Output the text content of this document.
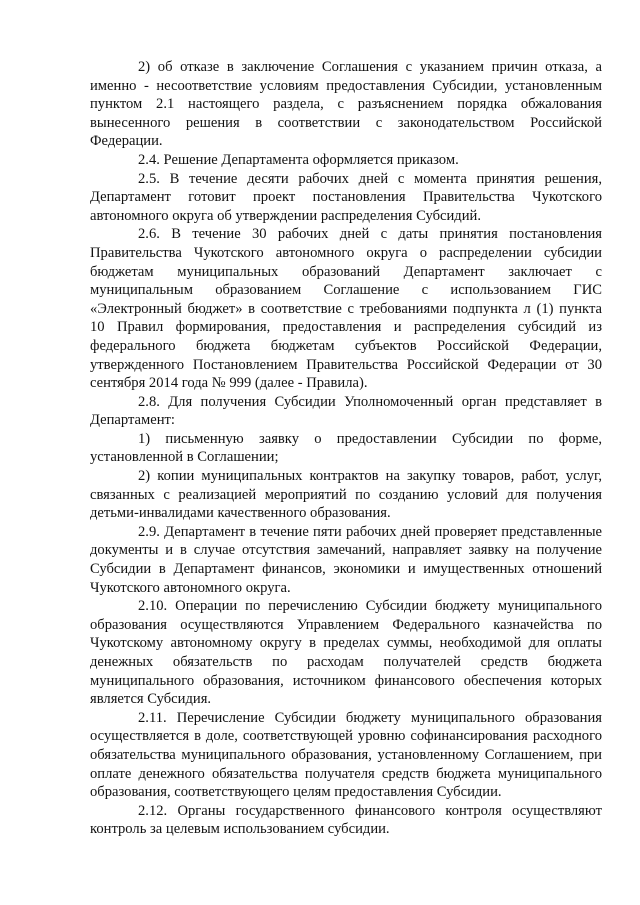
2) об отказе в заключение Соглашения с указанием причин отказа, а именно - несоответствие условиям предоставления Субсидии, установленным пунктом 2.1 настоящего раздела, с разъяснением порядка обжалования вынесенного решения в соответствии с законодательством Российской Федерации.

2.4. Решение Департамента оформляется приказом.

2.5. В течение десяти рабочих дней с момента принятия решения, Департамент готовит проект постановления Правительства Чукотского автономного округа об утверждении распределения Субсидий.

2.6. В течение 30 рабочих дней с даты принятия постановления Правительства Чукотского автономного округа о распределении субсидии бюджетам муниципальных образований Департамент заключает с муниципальным образованием Соглашение с использованием ГИС «Электронный бюджет» в соответствие с требованиями подпункта л (1) пункта 10 Правил формирования, предоставления и распределения субсидий из федерального бюджета бюджетам субъектов Российской Федерации, утвержденного Постановлением Правительства Российской Федерации от 30 сентября 2014 года № 999 (далее - Правила).

2.8. Для получения Субсидии Уполномоченный орган представляет в Департамент:

1) письменную заявку о предоставлении Субсидии по форме, установленной в Соглашении;

2) копии муниципальных контрактов на закупку товаров, работ, услуг, связанных с реализацией мероприятий по созданию условий для получения детьми-инвалидами качественного образования.

2.9. Департамент в течение пяти рабочих дней проверяет представленные документы и в случае отсутствия замечаний, направляет заявку на получение Субсидии в Департамент финансов, экономики и имущественных отношений Чукотского автономного округа.

2.10. Операции по перечислению Субсидии бюджету муниципального образования осуществляются Управлением Федерального казначейства по Чукотскому автономному округу в пределах суммы, необходимой для оплаты денежных обязательств по расходам получателей средств бюджета муниципального образования, источником финансового обеспечения которых является Субсидия.

2.11. Перечисление Субсидии бюджету муниципального образования осуществляется в доле, соответствующей уровню софинансирования расходного обязательства муниципального образования, установленному Соглашением, при оплате денежного обязательства получателя средств бюджета муниципального образования, соответствующего целям предоставления Субсидии.

2.12. Органы государственного финансового контроля осуществляют контроль за целевым использованием субсидии.
